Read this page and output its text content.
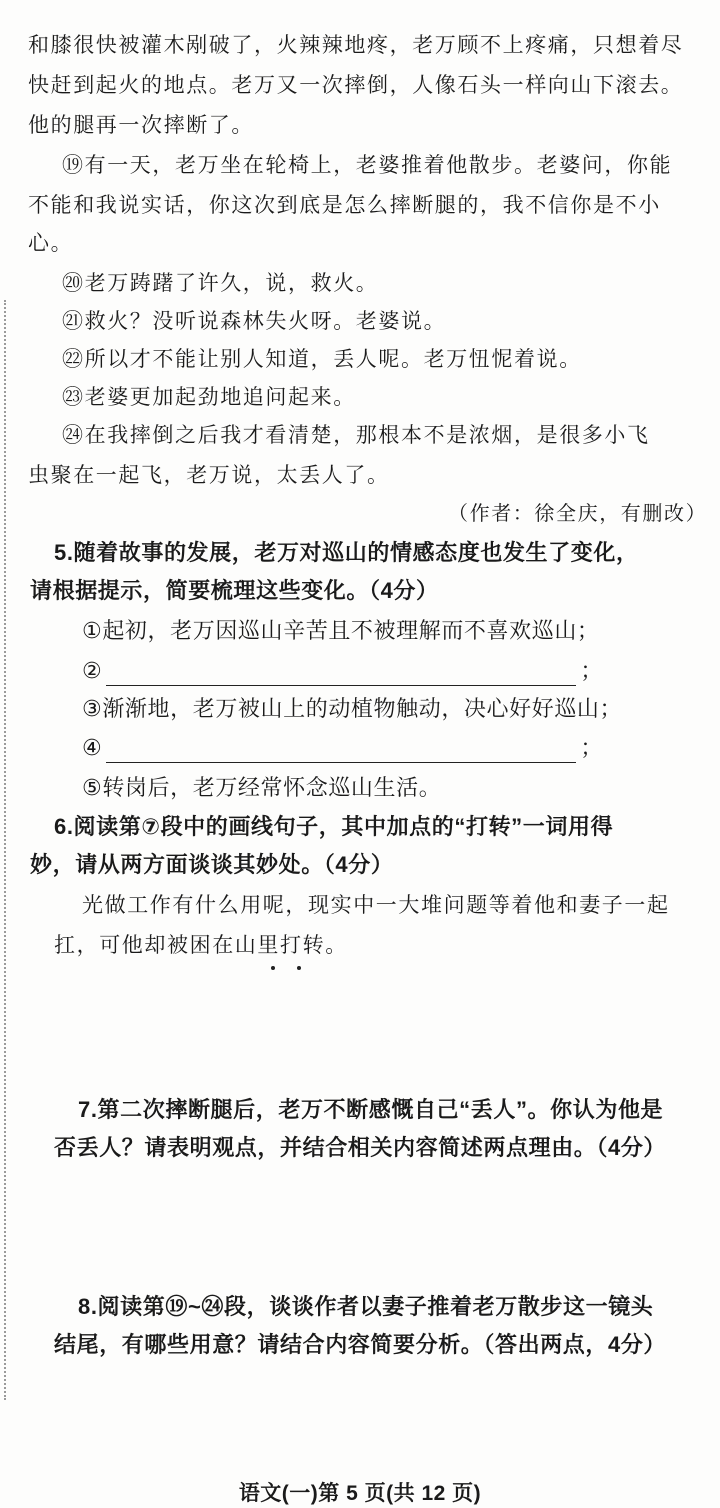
和膝很快被灌木剐破了，火辣辣地疼，老万顾不上疼痛，只想着尽
快赶到起火的地点。老万又一次摔倒，人像石头一样向山下滚去。
他的腿再一次摔断了。
⑲有一天，老万坐在轮椅上，老婆推着他散步。老婆问，你能
不能和我说实话，你这次到底是怎么摔断腿的，我不信你是不小
心。
⑳老万踌躇了许久，说，救火。
㉑救火？没听说森林失火呀。老婆说。
㉒所以才不能让别人知道，丢人呢。老万忸怩着说。
㉓老婆更加起劲地追问起来。
㉔在我摔倒之后我才看清楚，那根本不是浓烟，是很多小飞
虫聚在一起飞，老万说，太丢人了。
（作者：徐全庆，有删改）
5.随着故事的发展，老万对巡山的情感态度也发生了变化，
请根据提示，简要梳理这些变化。（4分）
①起初，老万因巡山辛苦且不被理解而不喜欢巡山；
②	；
③渐渐地，老万被山上的动植物触动，决心好好巡山；
④	；
⑤转岗后，老万经常怀念巡山生活。
6.阅读第⑦段中的画线句子，其中加点的“打转”一词用得
妙，请从两方面谈谈其妙处。（4分）
光做工作有什么用呢，现实中一大堆问题等着他和妻子一起
扛，可他却被困在山里打转。
7.第二次摔断腿后，老万不断感慨自己“丢人”。你认为他是
否丢人？请表明观点，并结合相关内容简述两点理由。（4分）
8.阅读第⑲~㉔段，谈谈作者以妻子推着老万散步这一镜头
结尾，有哪些用意？请结合内容简要分析。（答出两点，4分）
语文(一)第 5 页(共 12 页)
